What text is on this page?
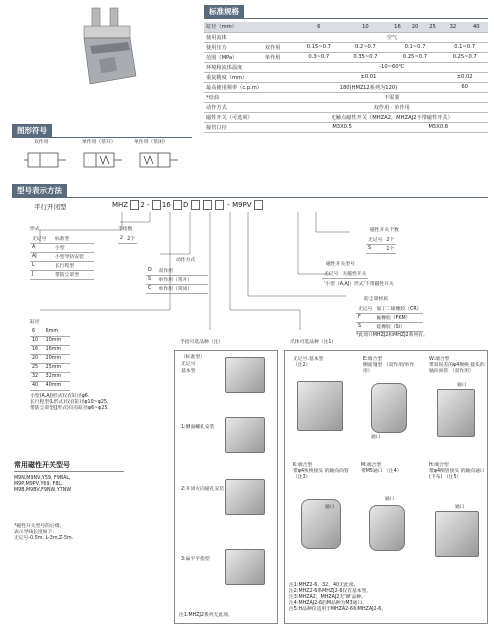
标准规格
缸径（mm）		6	10	16	20	25	32	40
使用流体		空气						
使用压力	双作用	0.15~0.7	0.2~0.7	0.1~0.7			0.1~0.7	
范围（MPa）	单作用	0.3~0.7	0.35~0.7	0.25~0.7			0.25~0.7	
环境和流体温度		-10~60℃						
重复精度（mm）		±0.01					±0.02	
最高使用频率（c.p.m）		180(HMZL2系列为120)					60	
*给油		不需要						
动作方式		双作用 · 单作用						
磁性开关（可选项）		无触点磁性开关（MHZA2，MHZAJ2不带磁性开关）						
接管口径		M3X0.5		M5X0.8				
图形符号
双作用	单作用（常开）	单作用（常闭）
型号表示方法
平行开闭型	MHZ 2 - 16 D	- M9PV
手指数
2	2个
形式
无记号	标准型
A	小型
AJ	小型导轨安装
L	长行程型
J	带防尘罩型
动作方式
D	双作用
S	单作用（常开）
C	单作用（常闭）
磁性开关个数
无记号	2个
S	1个
磁性开关型号
无记号	无磁性开关
'小型（A,AJ）形式'不带磁性开关
防尘罩材质
无记号	氯丁二烯橡胶（CR）
F	氟橡胶（FKM）
S	硅橡胶（Si）
*此项只MHZJ2和MHZJ2系列有。
缸径
6	6mm
10	10mm
16	16mm
20	20mm
25	25mm
32	32mm
40	40mm
小型(A,AJ)形式仅有缸径φ6.
长行程型(L形式)仅有缸径φ10~φ25.
带防尘罩型(J形式)仅有缸径φ6~φ25.
常用磁性开关型号
M9N,M9NV,Y59, F9BAL, M9P,M9PV,Y69, F8L, M9B,M9BV,F9NW,Y7NW
*磁性开关型号的后缀,
表示导线长度如下:
无记号-0.5m, L-3m,Z-5m.
手指可选品种（注）
（标准型）
无记号
基本型
1:侧面螺孔安装
2:开闭方向通孔安装
3:扁平平指型
注1:MHZJ2系列无此项。
爪体可选品种（注1）
无记号:基本型
（注2）
E:端合型
侧面翅型 （双作用/单作用）
通口
W:端合型
带双误差的φ4倒换 接头的轴向尚管 （双作用）
通口
K:端合型
带φ4快换接头 的轴向尚管 （注3）
通口
M:端合型
带M5通口 （注4）
通口
H:端合型
带φ4倒管接头 的轴向通口(卡布) （注5）
通口
注1:MHZ2-6、32、40无此项。
注2:MHZ2-6系MHZJ2-6仅有基本型。
注3:MHZA2，MHZAJ2无'W'品种。
注4:MHZAJ2-6的M品种为M3通口。
注5:H品种仅适用于MHZA2-6和MHZAJ2-6。
